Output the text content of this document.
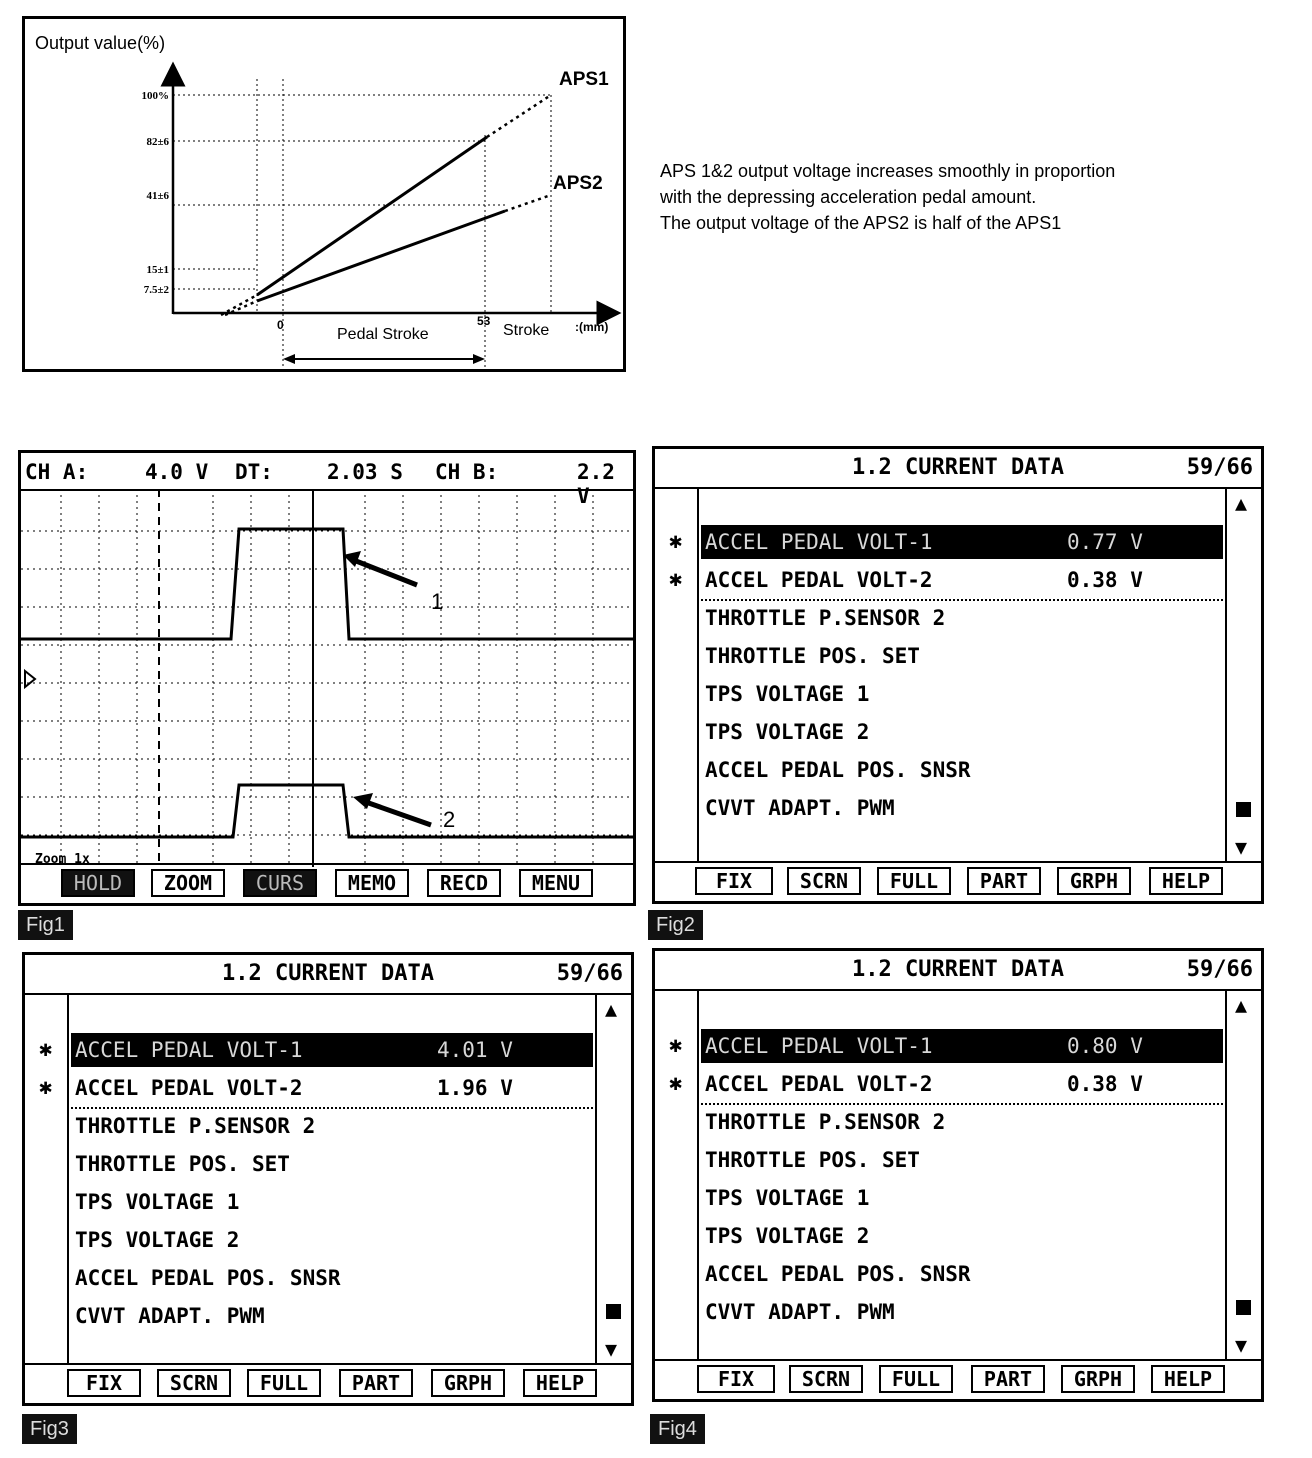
Output value(%)
100%
82±6
41±6
15±1
7.5±2
0	53
Stroke :(mm)
Pedal Stroke
APS1
APS2
APS 1&2 output voltage increases smoothly in proportion
with the depressing acceleration pedal amount.
The output voltage of the APS2 is half of the APS1
CH A:	4.0 V DT:	2.03 S CH B:	2.2 V
1
2
Zoom 1x
HOLD	ZOOM	CURS	MEMO	RECD	MENU
Fig1
1.2 CURRENT DATA	59/66
✱
✱
ACCEL PEDAL VOLT-1	0.77 V
ACCEL PEDAL VOLT-2	0.38 V
THROTTLE P.SENSOR 2
THROTTLE POS. SET
TPS VOLTAGE 1
TPS VOLTAGE 2
ACCEL PEDAL POS. SNSR
CVVT ADAPT. PWM
▲
▼
FIX	SCRN	FULL	PART	GRPH	HELP
Fig2
1.2 CURRENT DATA	59/66
✱
✱
ACCEL PEDAL VOLT-1	4.01 V
ACCEL PEDAL VOLT-2	1.96 V
THROTTLE P.SENSOR 2
THROTTLE POS. SET
TPS VOLTAGE 1
TPS VOLTAGE 2
ACCEL PEDAL POS. SNSR
CVVT ADAPT. PWM
▲
▼
FIX	SCRN	FULL	PART	GRPH	HELP
Fig3
1.2 CURRENT DATA	59/66
✱
✱
ACCEL PEDAL VOLT-1	0.80 V
ACCEL PEDAL VOLT-2	0.38 V
THROTTLE P.SENSOR 2
THROTTLE POS. SET
TPS VOLTAGE 1
TPS VOLTAGE 2
ACCEL PEDAL POS. SNSR
CVVT ADAPT. PWM
▲
▼
FIX	SCRN	FULL	PART	GRPH	HELP
Fig4
